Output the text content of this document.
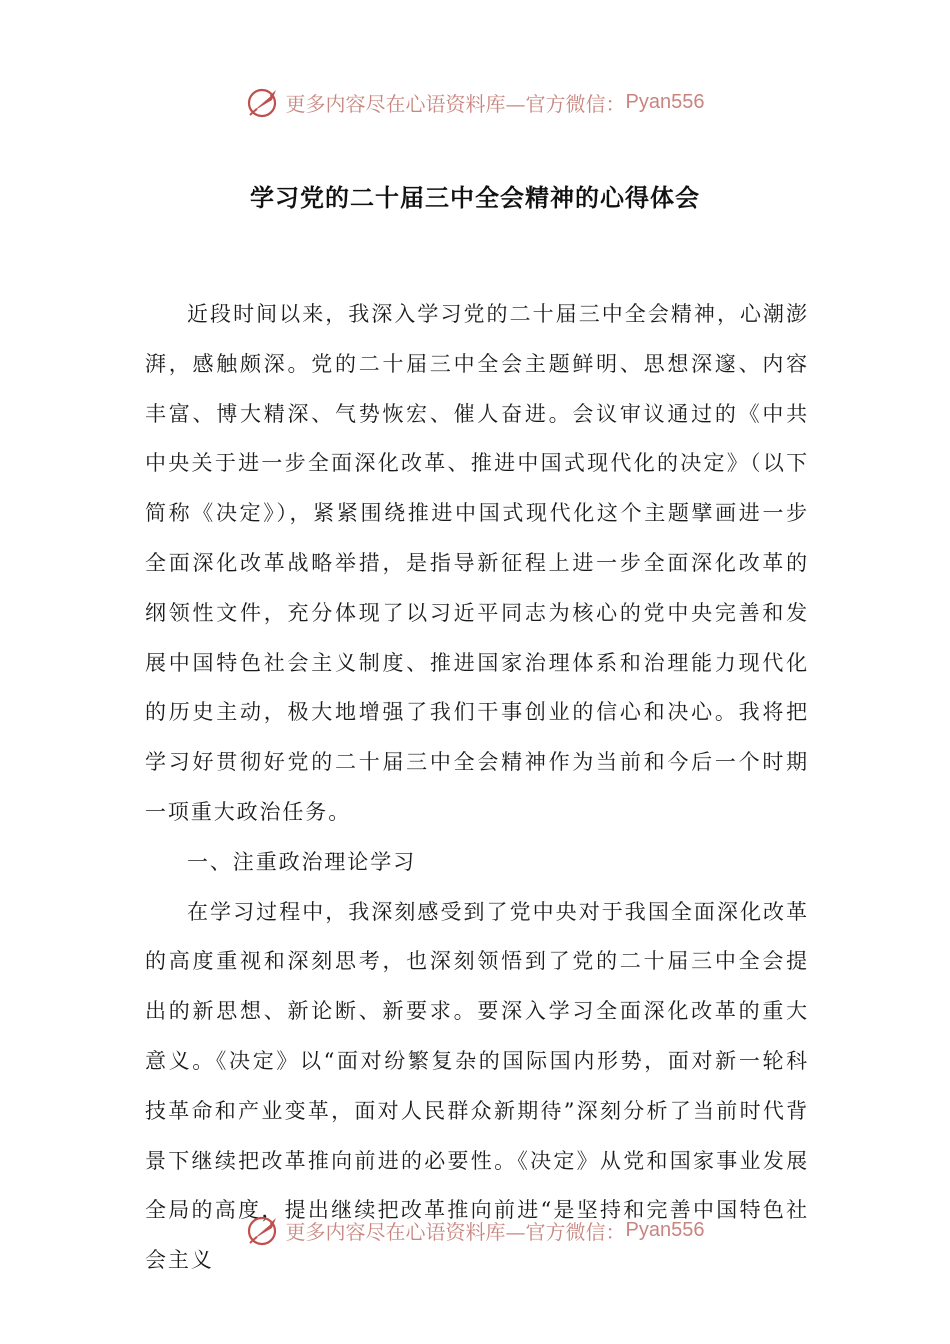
更多内容尽在心语资料库—官方微信： Pyan556
学习党的二十届三中全会精神的心得体会

近段时间以来，我深入学习党的二十届三中全会精神，心潮澎湃，感触颇深。党的二十届三中全会主题鲜明、思想深邃、内容丰富、博大精深、气势恢宏、催人奋进。会议审议通过的《中共中央关于进一步全面深化改革、推进中国式现代化的决定》（以下简称《决定》），紧紧围绕推进中国式现代化这个主题擘画进一步全面深化改革战略举措，是指导新征程上进一步全面深化改革的纲领性文件，充分体现了以习近平同志为核心的党中央完善和发展中国特色社会主义制度、推进国家治理体系和治理能力现代化的历史主动，极大地增强了我们干事创业的信心和决心。我将把学习好贯彻好党的二十届三中全会精神作为当前和今后一个时期一项重大政治任务。

一、注重政治理论学习

在学习过程中，我深刻感受到了党中央对于我国全面深化改革的高度重视和深刻思考，也深刻领悟到了党的二十届三中全会提出的新思想、新论断、新要求。要深入学习全面深化改革的重大意义。《决定》以“面对纷繁复杂的国际国内形势，面对新一轮科技革命和产业变革，面对人民群众新期待”深刻分析了当前时代背景下继续把改革推向前进的必要性。《决定》从党和国家事业发展全局的高度，提出继续把改革推向前进“是坚持和完善中国特色社会主义

更多内容尽在心语资料库—官方微信： Pyan556
